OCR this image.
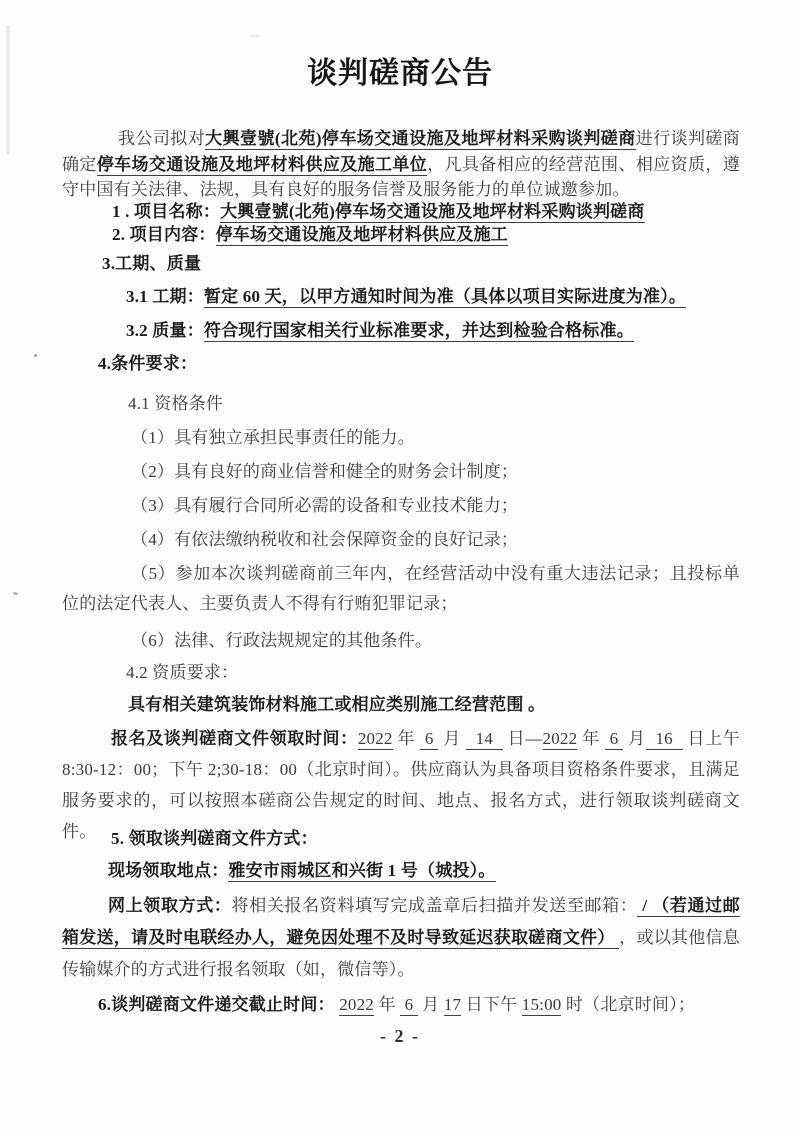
谈判磋商公告
我公司拟对大興壹號(北苑)停车场交通设施及地坪材料采购谈判磋商进行谈判磋商确定停车场交通设施及地坪材料供应及施工单位，凡具备相应的经营范围、相应资质，遵守中国有关法律、法规，具有良好的服务信誉及服务能力的单位诚邀参加。
1 . 项目名称：大興壹號(北苑)停车场交通设施及地坪材料采购谈判磋商
2. 项目内容：停车场交通设施及地坪材料供应及施工
3.工期、质量
3.1 工期：暂定 60 天，以甲方通知时间为准（具体以项目实际进度为准）。
3.2 质量：符合现行国家相关行业标准要求，并达到检验合格标准。
4.条件要求：
4.1 资格条件
（1）具有独立承担民事责任的能力。
（2）具有良好的商业信誉和健全的财务会计制度；
（3）具有履行合同所必需的设备和专业技术能力；
（4）有依法缴纳税收和社会保障资金的良好记录；
（5）参加本次谈判磋商前三年内，在经营活动中没有重大违法记录；且投标单位的法定代表人、主要负责人不得有行贿犯罪记录；
（6）法律、行政法规规定的其他条件。
4.2 资质要求：
具有相关建筑装饰材料施工或相应类别施工经营范围 。
报名及谈判磋商文件领取时间：2022 年  6  月   14   日—2022 年  6  月  16   日上午 8:30-12：00；下午 2;30-18：00（北京时间）。供应商认为具备项目资格条件要求，且满足服务要求的，可以按照本磋商公告规定的时间、地点、报名方式，进行领取谈判磋商文件。 5. 领取谈判磋商文件方式：
现场领取地点：雅安市雨城区和兴街 1 号（城投）。
网上领取方式：将相关报名资料填写完成盖章后扫描并发送至邮箱： / （若通过邮箱发送，请及时电联经办人，避免因处理不及时导致延迟获取磋商文件） ，或以其他信息传输媒介的方式进行报名领取（如，微信等）。
6.谈判磋商文件递交截止时间： 2022 年  6  月 17 日下午 15:00 时（北京时间）；
- 2 -
